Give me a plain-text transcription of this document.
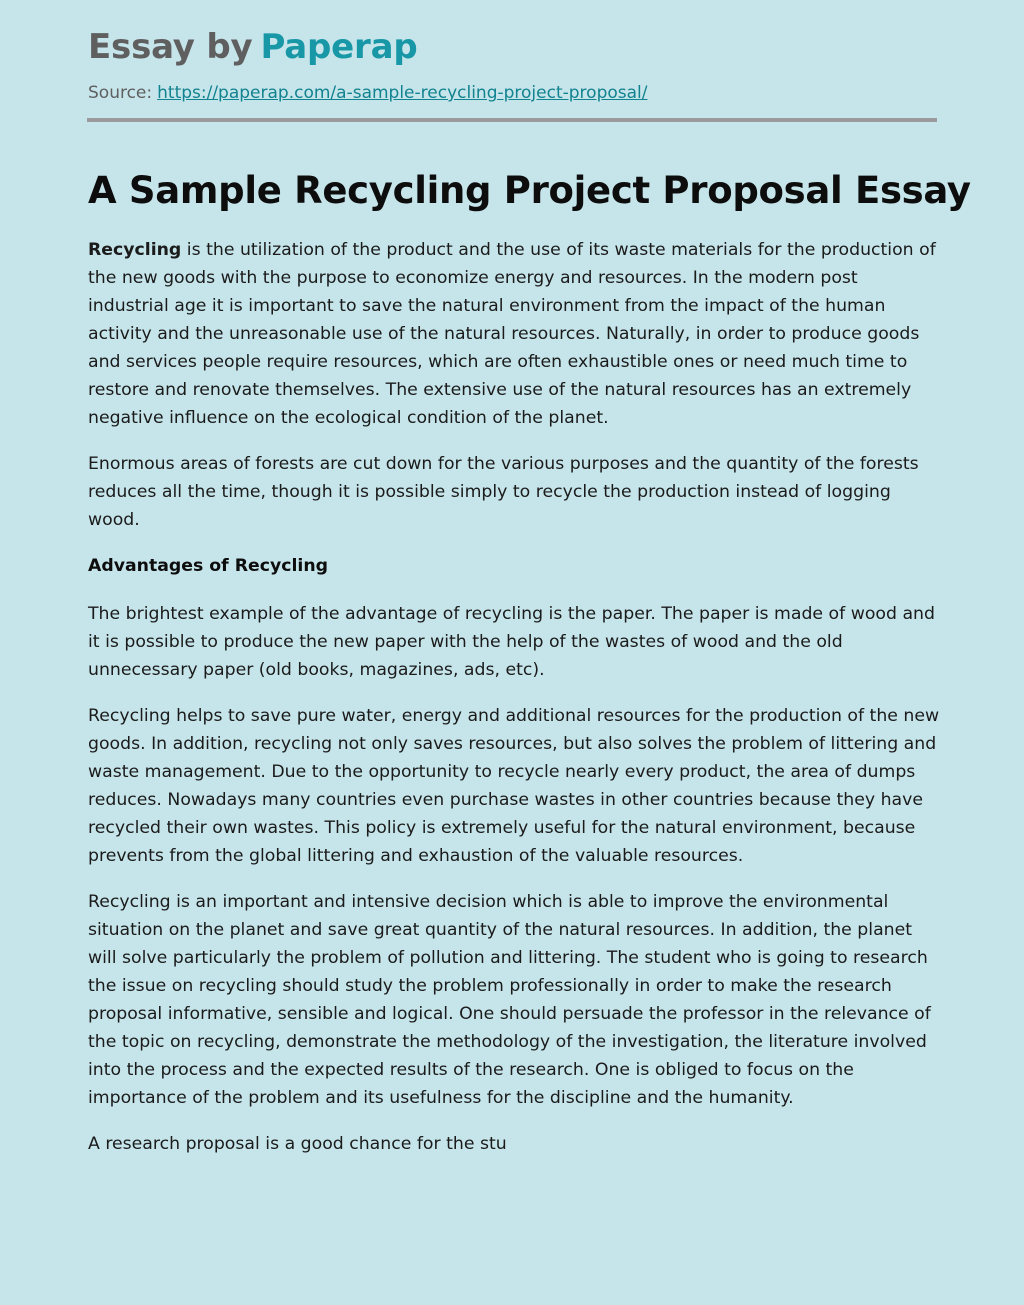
Essay by Paperap
Source: https://paperap.com/a-sample-recycling-project-proposal/
A Sample Recycling Project Proposal Essay

Recycling is the utilization of the product and the use of its waste materials for the production of the new goods with the purpose to economize energy and resources. In the modern post industrial age it is important to save the natural environment from the impact of the human activity and the unreasonable use of the natural resources. Naturally, in order to produce goods and services people require resources, which are often exhaustible ones or need much time to restore and renovate themselves. The extensive use of the natural resources has an extremely negative influence on the ecological condition of the planet.

Enormous areas of forests are cut down for the various purposes and the quantity of the forests reduces all the time, though it is possible simply to recycle the production instead of logging wood.

Advantages of Recycling

The brightest example of the advantage of recycling is the paper. The paper is made of wood and it is possible to produce the new paper with the help of the wastes of wood and the old unnecessary paper (old books, magazines, ads, etc).

Recycling helps to save pure water, energy and additional resources for the production of the new goods. In addition, recycling not only saves resources, but also solves the problem of littering and waste management. Due to the opportunity to recycle nearly every product, the area of dumps reduces. Nowadays many countries even purchase wastes in other countries because they have recycled their own wastes. This policy is extremely useful for the natural environment, because prevents from the global littering and exhaustion of the valuable resources.

Recycling is an important and intensive decision which is able to improve the environmental situation on the planet and save great quantity of the natural resources. In addition, the planet will solve particularly the problem of pollution and littering. The student who is going to research the issue on recycling should study the problem professionally in order to make the research proposal informative, sensible and logical. One should persuade the professor in the relevance of the topic on recycling, demonstrate the methodology of the investigation, the literature involved into the process and the expected results of the research. One is obliged to focus on the importance of the problem and its usefulness for the discipline and the humanity.

A research proposal is a good chance for the stu
